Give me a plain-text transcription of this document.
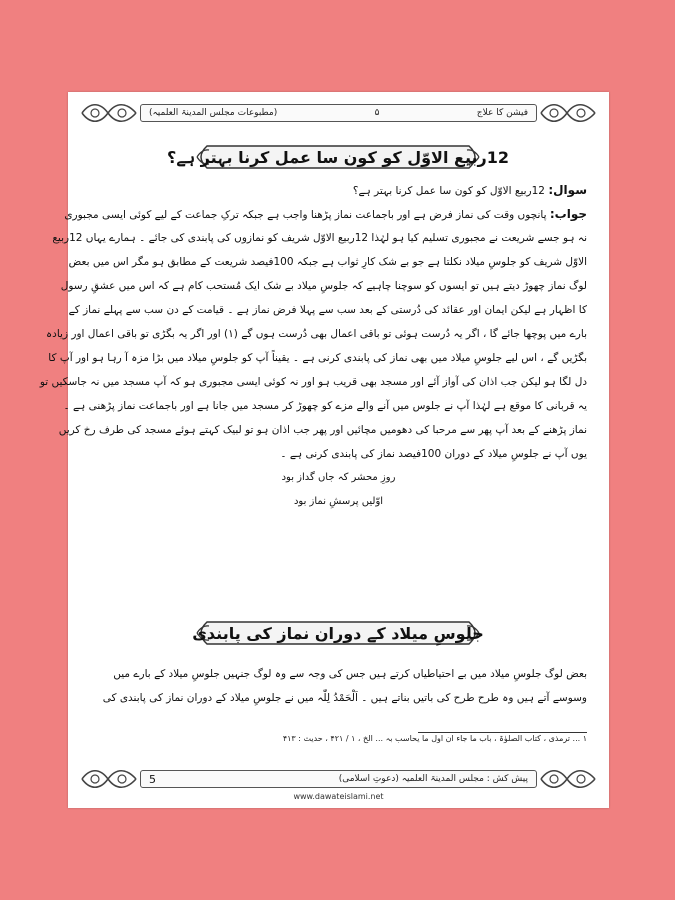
(مطبوعات مجلس المدینۃ العلمیہ)	۵	فیشن کا علاج
12ربیع الاوّل کو کون سا عمل کرنا بہتر ہے؟
سوال: 12ربیع الاوّل کو کون سا عمل کرنا بہتر ہے؟
جواب: پانچوں وقت کی نماز فرض ہے اور باجماعت نماز پڑھنا واجب ہے جبکہ ترکِ جماعت کے لیے کوئی ایسی مجبوری
نہ ہو جسے شریعت نے مجبوری تسلیم کیا ہو لہٰذا 12ربیع الاوّل شریف کو نمازوں کی پابندی کی جائے ۔ ہمارے یہاں 12ربیع
الاوّل شریف کو جلوسِ میلاد نکلتا ہے جو بے شک کارِ ثواب ہے جبکہ 100فیصد شریعت کے مطابق ہو مگر اس میں بعض
لوگ نماز چھوڑ دیتے ہیں تو ایسوں کو سوچنا چاہیے کہ جلوسِ میلاد بے شک ایک مُستحب کام ہے کہ اس میں عشقِ رسول
کا اظہار ہے لیکن ایمان اور عقائد کی دُرستی کے بعد سب سے پہلا فرض نماز ہے ۔ قیامت کے دن سب سے پہلے نماز کے
بارے میں پوچھا جائے گا ، اگر یہ دُرست ہوئی تو باقی اعمال بھی دُرست ہوں گے (۱) اور اگر یہ بگڑی تو باقی اعمال اور زیادہ
بگڑیں گے ، اس لیے جلوسِ میلاد میں بھی نماز کی پابندی کرنی ہے ۔ یقیناً آپ کو جلوسِ میلاد میں بڑا مزہ آ رہا ہو اور آپ کا
دل لگا ہو لیکن جب اذان کی آواز آئے اور مسجد بھی قریب ہو اور نہ کوئی ایسی مجبوری ہو کہ آپ مسجد میں نہ جاسکیں تو
یہ قربانی کا موقع ہے لہٰذا آپ نے جلوس میں آنے والے مزے کو چھوڑ کر مسجد میں جانا ہے اور باجماعت نماز پڑھنی ہے ۔
نماز پڑھنے کے بعد آپ پھر سے مرحبا کی دھومیں مچائیں اور پھر جب اذان ہو تو لبیک کہتے ہوئے مسجد کی طرف رخ کریں
یوں آپ نے جلوسِ میلاد کے دوران 100فیصد نماز کی پابندی کرنی ہے ۔
روزِ محشر کہ جاں گداز بود
اوّلیں پرسشِ نماز بود
جلوسِ میلاد کے دوران نماز کی پابندی
بعض لوگ جلوسِ میلاد میں بے احتیاطیاں کرتے ہیں جس کی وجہ سے وہ لوگ جنہیں جلوسِ میلاد کے بارے میں
وسوسے آتے ہیں وہ طرح طرح کی باتیں بناتے ہیں ۔ اَلْحَمْدُ لِلّٰہ میں نے جلوسِ میلاد کے دوران نماز کی پابندی کی
۱ ... ترمذی ، کتاب الصلوٰۃ ، باب ما جاء ان اول ما یحاسب بہ ... الخ ، ۱ / ۴۲۱ ، حدیث : ۴۱۳
5	پیش کش : مجلس المدینۃ العلمیہ (دعوتِ اسلامی)
www.dawateislami.net
